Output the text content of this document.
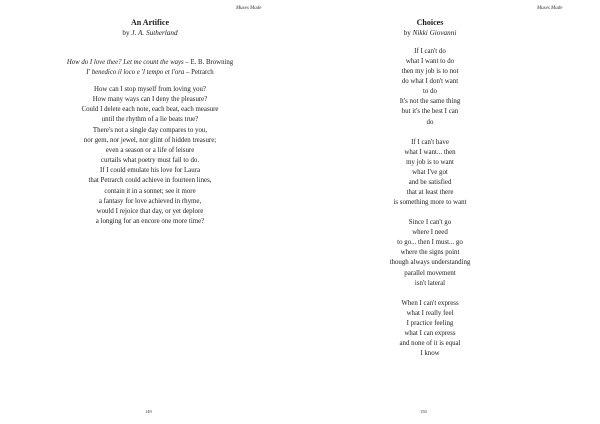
Muses Made
An Artifice
by J. A. Sutherland
How do I love thee? Let me count the ways – E. B. Browning
I' benedico il loco e 'l tempo et l'ora – Petrarch
How can I stop myself from loving you?
How many ways can I deny the pleasure?
Could I delete each note, each beat, each measure
until the rhythm of a lie beats true?
There's not a single day compares to you,
nor gem, nor jewel, nor glint of hidden treasure;
even a season or a life of leisure
curtails what poetry must fail to do.
If I could emulate his love for Laura
that Petrarch could achieve in fourteen lines,
contain it in a sonnet; see it more
a fantasy for love achieved in rhyme,
would I rejoice that day, or yet deplore
a longing for an encore one more time?
149
Muses Made
Choices
by Nikki Giovanni
If I can't do
what I want to do
then my job is to not
do what I don't want
to do
It's not the same thing
but it's the best I can
do
If I can't have
what I want... then
my job is to want
what I've got
and be satisfied
that at least there
is something more to want
Since I can't go
where I need
to go... then I must... go
where the signs point
though always understanding
parallel movement
isn't lateral
When I can't express
what I really feel
I practice feeling
what I can express
and none of it is equal
I know
150
